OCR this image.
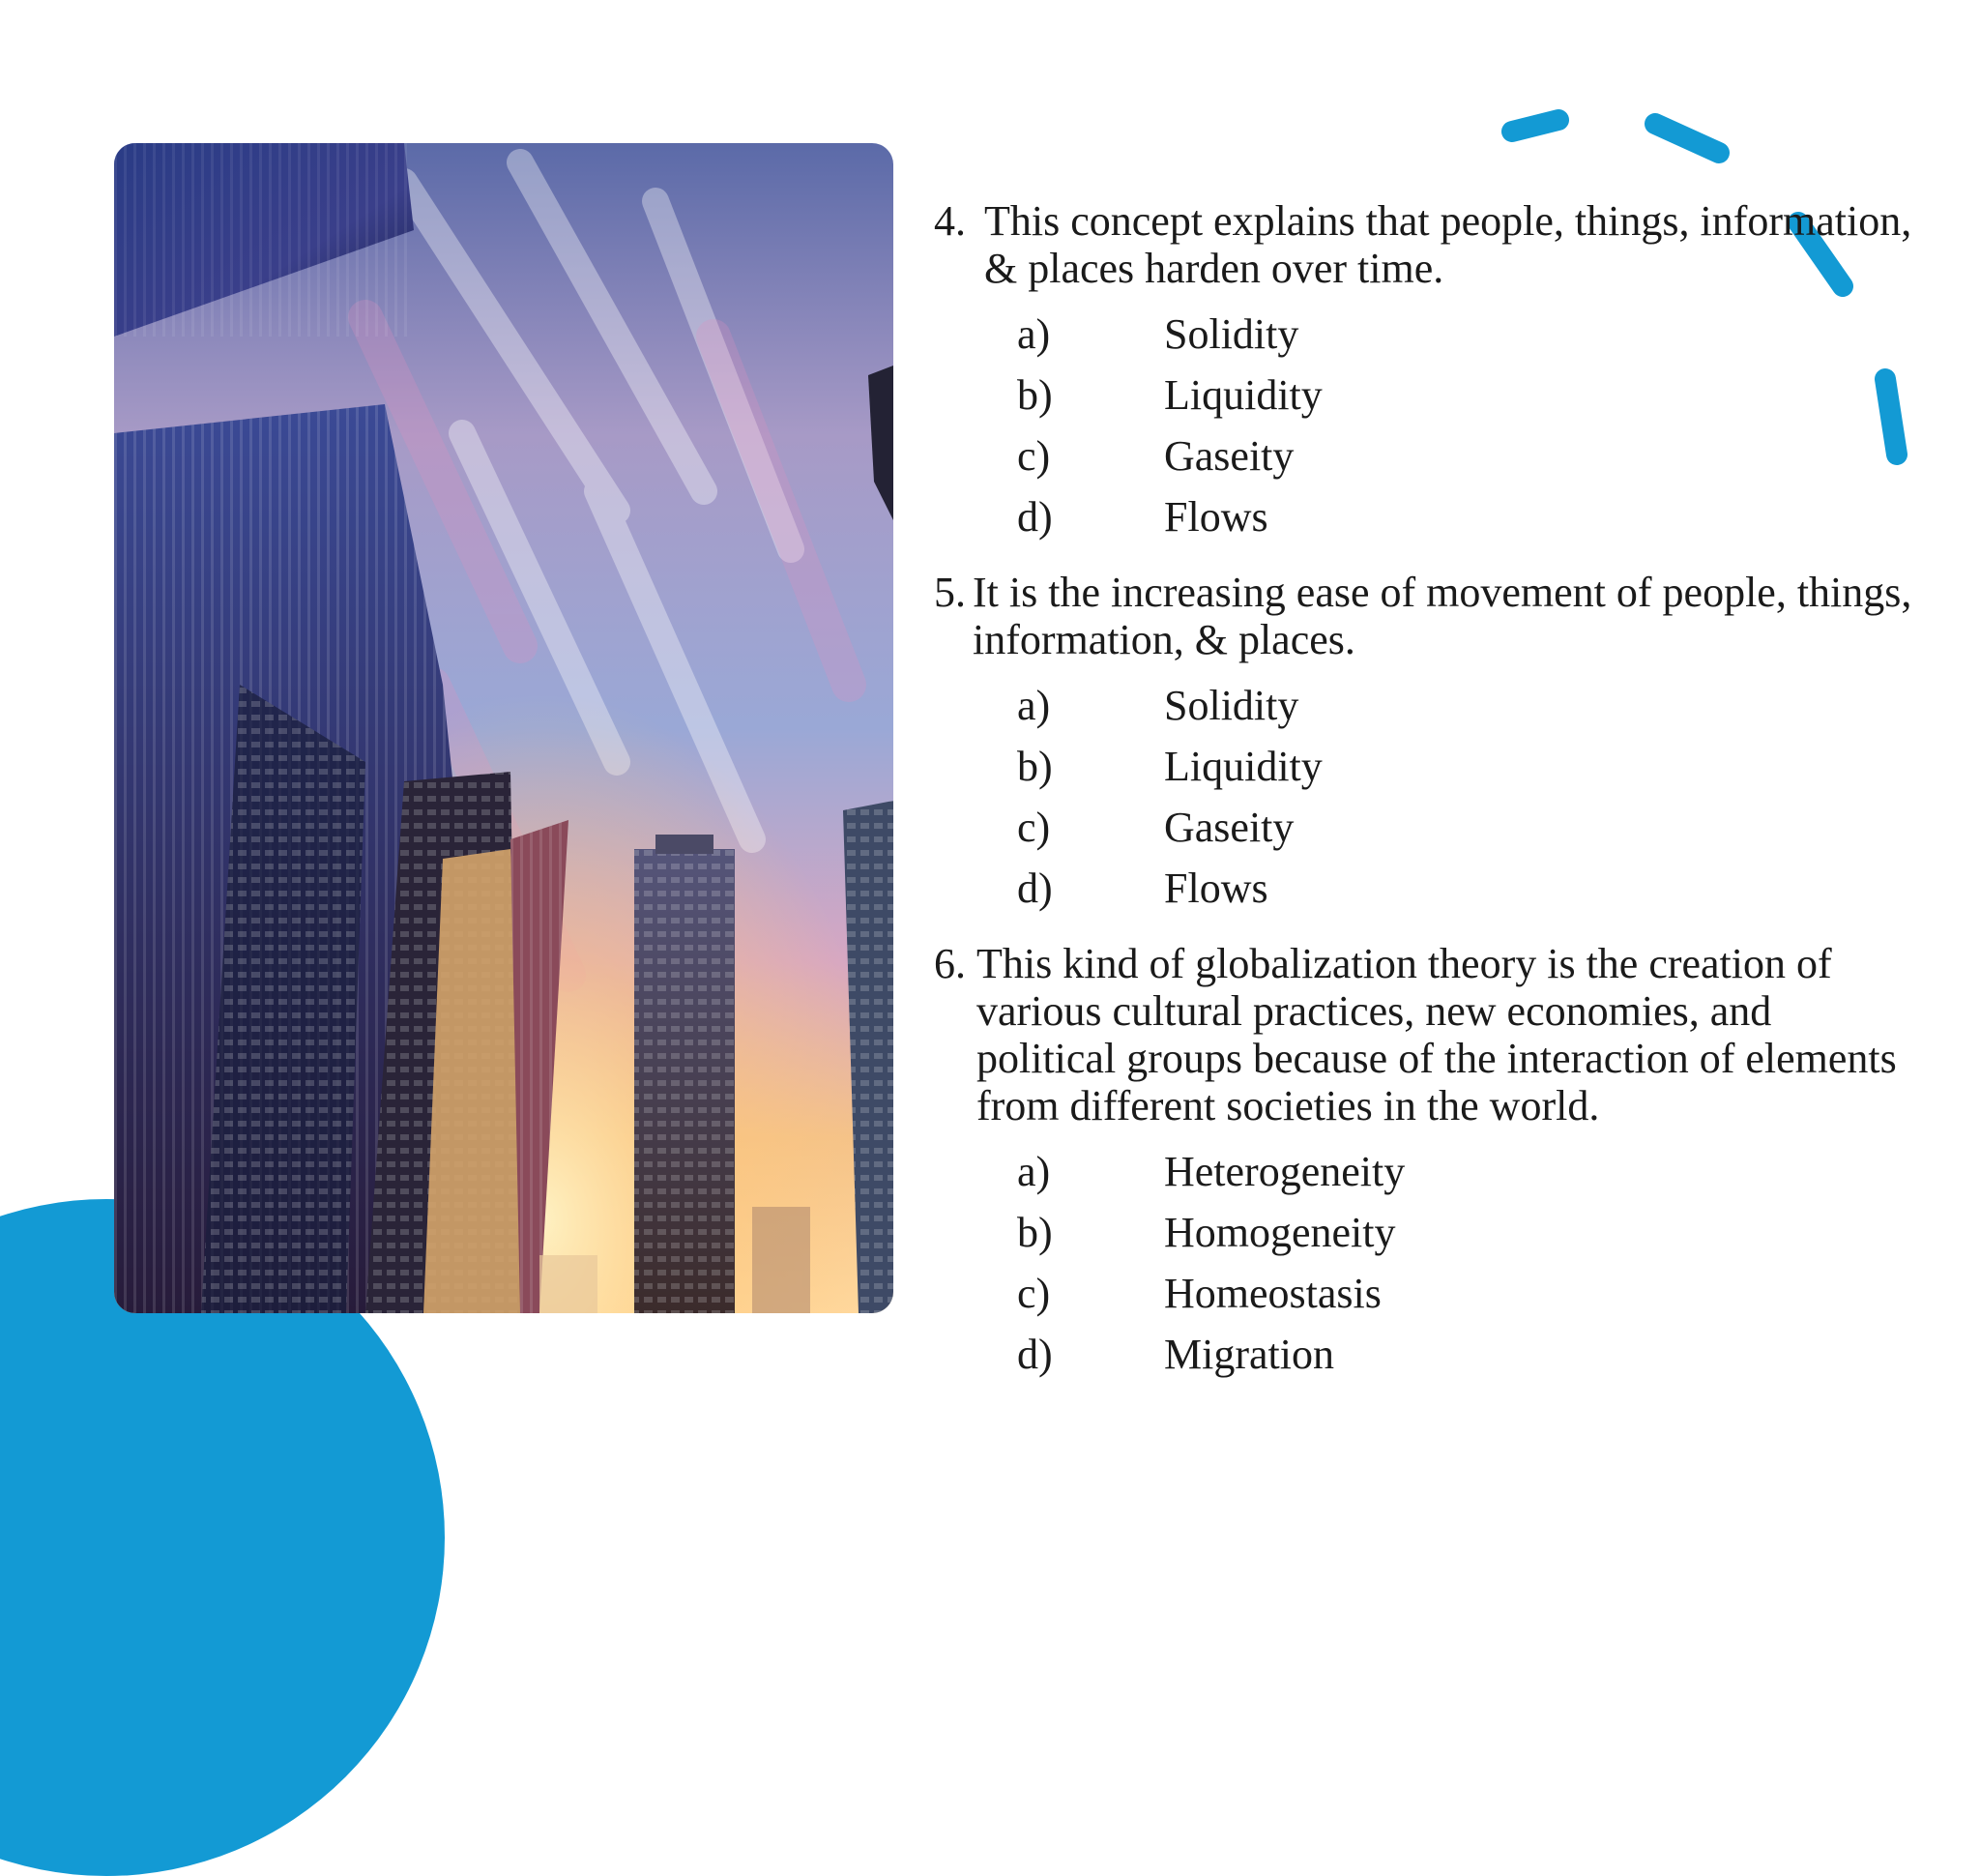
4. This concept explains that people, things, information, & places harden over time.
a)	Solidity
b)	Liquidity
c)	Gaseity
d)	Flows
5. It is the increasing ease of movement of people, things, information, & places.
a)	Solidity
b)	Liquidity
c)	Gaseity
d)	Flows
6. This kind of globalization theory is the creation of various cultural practices, new economies, and political groups because of the interaction of elements from different societies in the world.
a)	Heterogeneity
b)	Homogeneity
c)	Homeostasis
d)	Migration
